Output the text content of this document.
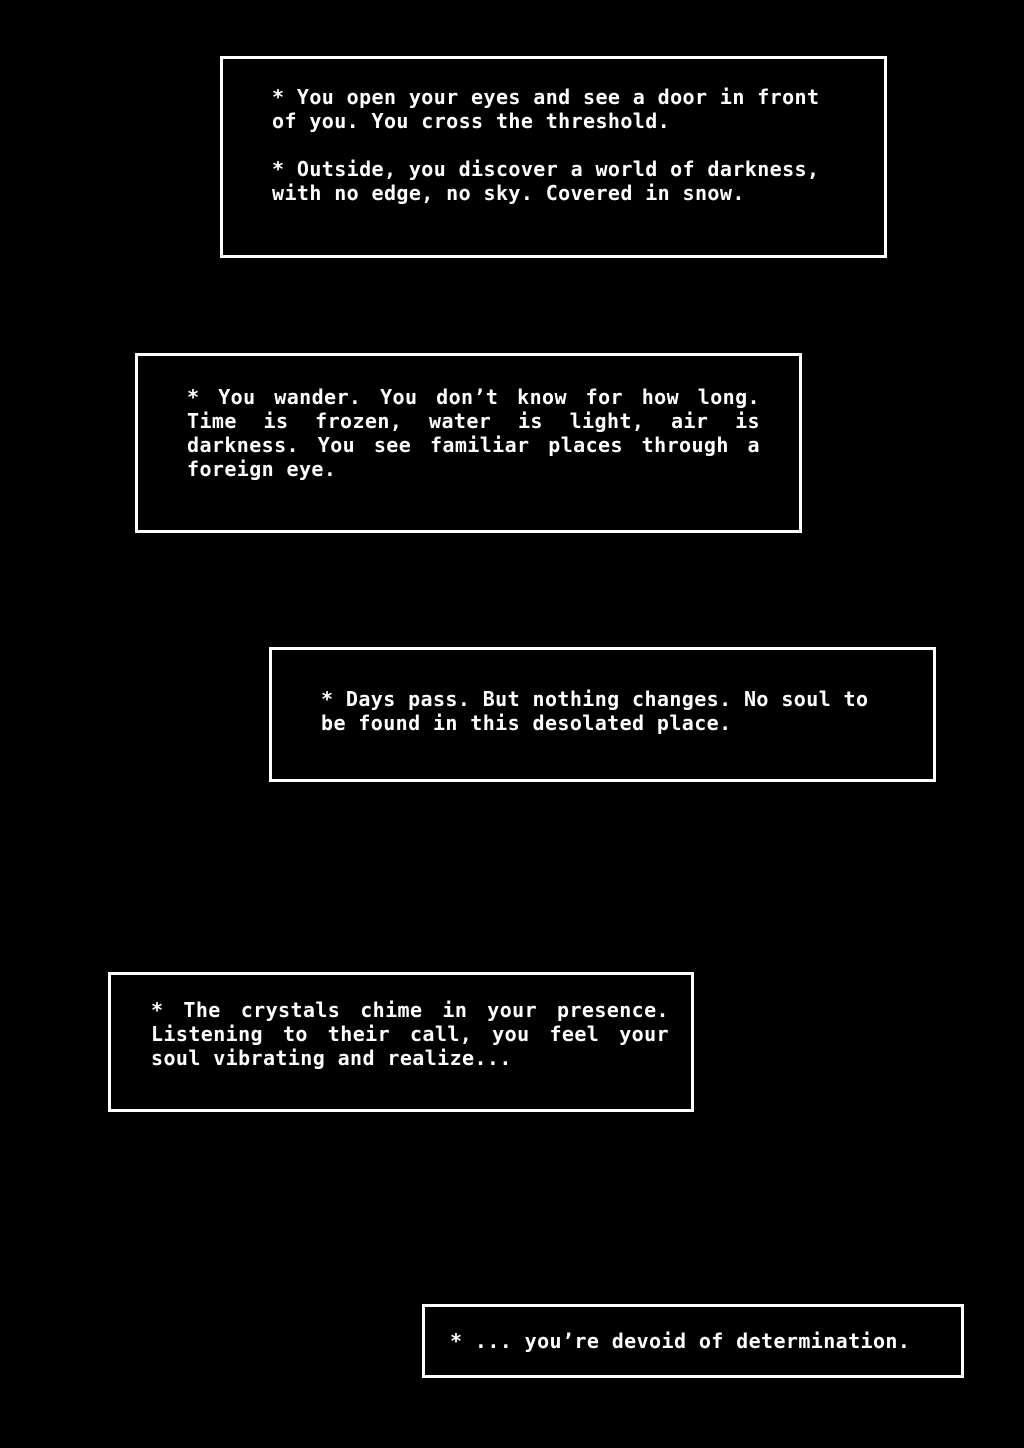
* You open your eyes and see a door in front

of you. You cross the threshold.

* Outside, you discover a world of darkness,

with no edge, no sky. Covered in snow.

* You wander. You don’t know for how long.

Time is frozen, water is light, air is

darkness. You see familiar places through a

foreign eye.

* Days pass. But nothing changes. No soul to

be found in this desolated place.

* The crystals chime in your presence.

Listening to their call, you feel your

soul vibrating and realize...

* ... you’re devoid of determination.
